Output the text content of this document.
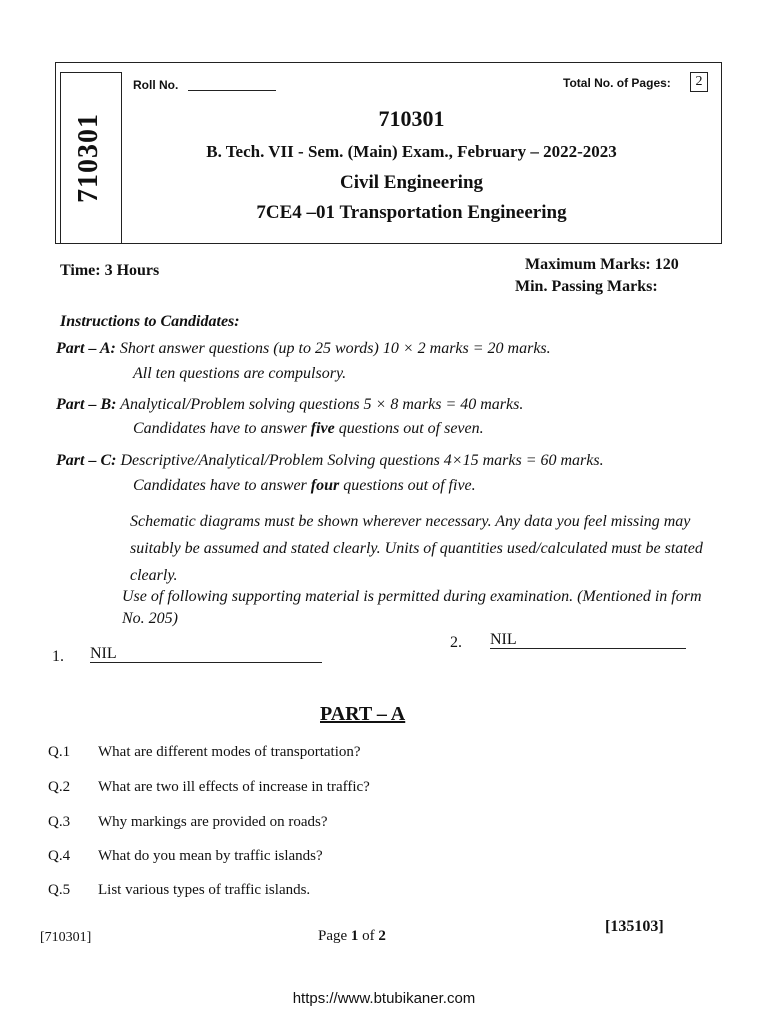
710301
Roll No.	Total No. of Pages:	2
710301
B. Tech. VII - Sem. (Main) Exam., February – 2022-2023
Civil Engineering
7CE4 –01 Transportation Engineering
Time: 3 Hours	Maximum Marks: 120
Min. Passing Marks:
Instructions to Candidates:
Part – A: Short answer questions (up to 25 words) 10 × 2 marks = 20 marks.
All ten questions are compulsory.
Part – B: Analytical/Problem solving questions 5 × 8 marks = 40 marks.
Candidates have to answer five questions out of seven.
Part – C: Descriptive/Analytical/Problem Solving questions 4×15 marks = 60 marks.
Candidates have to answer four questions out of five.
Schematic diagrams must be shown wherever necessary. Any data you feel missing may suitably be assumed and stated clearly. Units of quantities used/calculated must be stated clearly.
Use of following supporting material is permitted during examination. (Mentioned in form No. 205)
1. NIL
2. NIL
PART – A
Q.1 What are different modes of transportation?
Q.2 What are two ill effects of increase in traffic?
Q.3 Why markings are provided on roads?
Q.4 What do you mean by traffic islands?
Q.5 List various types of traffic islands.
[710301]	Page 1 of 2
[135103]
https://www.btubikaner.com
